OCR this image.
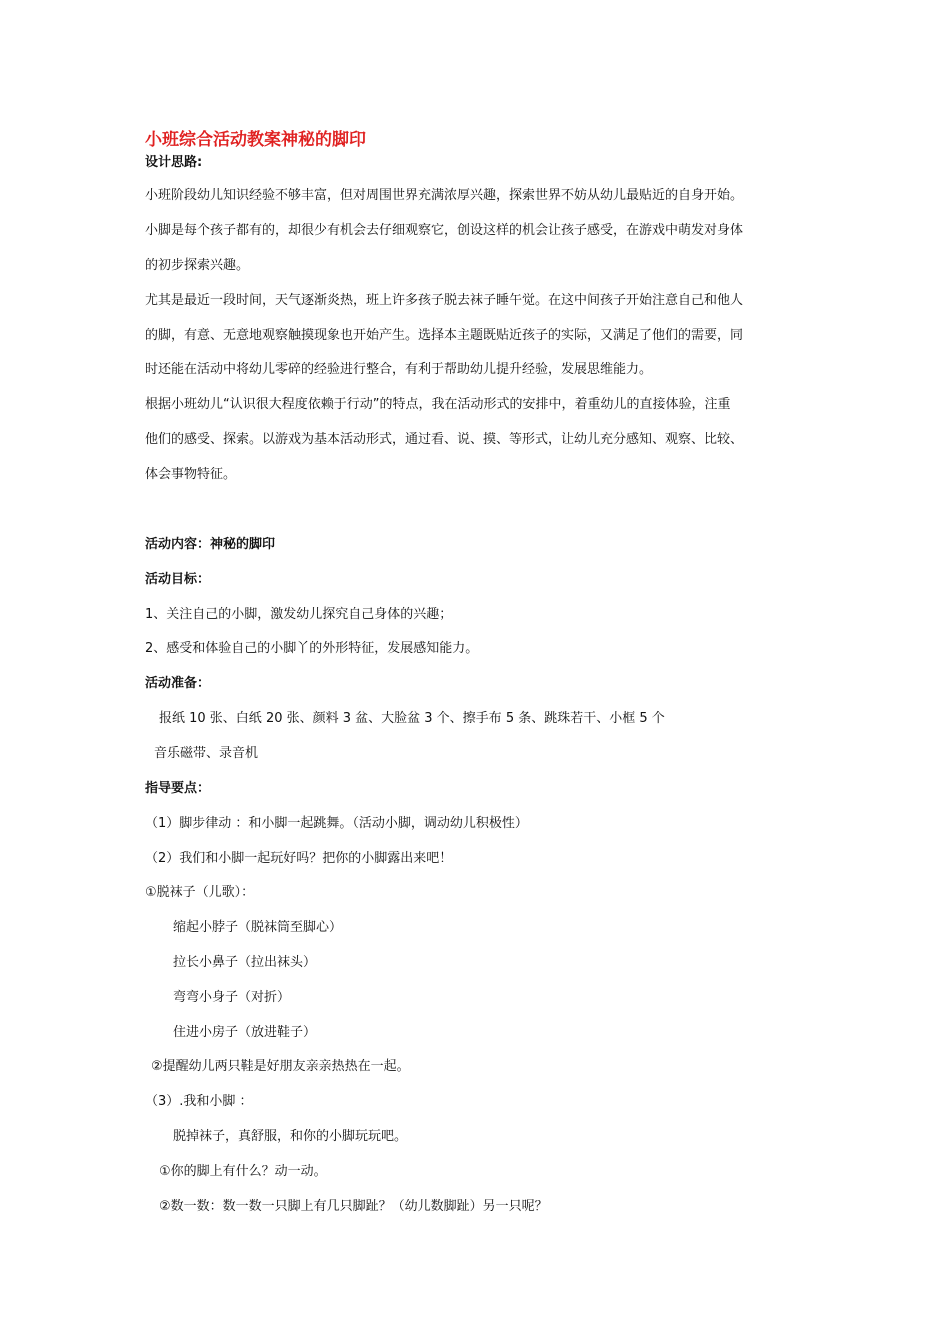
小班综合活动教案神秘的脚印
设计思路:
小班阶段幼儿知识经验不够丰富，但对周围世界充满浓厚兴趣，探索世界不妨从幼儿最贴近的自身开始。
小脚是每个孩子都有的，却很少有机会去仔细观察它，创设这样的机会让孩子感受，在游戏中萌发对身体
的初步探索兴趣。
尤其是最近一段时间，天气逐渐炎热，班上许多孩子脱去袜子睡午觉。在这中间孩子开始注意自己和他人
的脚，有意、无意地观察触摸现象也开始产生。选择本主题既贴近孩子的实际，又满足了他们的需要，同
时还能在活动中将幼儿零碎的经验进行整合，有利于帮助幼儿提升经验，发展思维能力。
根据小班幼儿“认识很大程度依赖于行动”的特点，我在活动形式的安排中，着重幼儿的直接体验，注重
他们的感受、探索。以游戏为基本活动形式，通过看、说、摸、等形式，让幼儿充分感知、观察、比较、
体会事物特征。
活动内容：神秘的脚印
活动目标：
1、关注自己的小脚，激发幼儿探究自己身体的兴趣；
2、感受和体验自己的小脚丫的外形特征，发展感知能力。
活动准备：
报纸 10 张、白纸 20 张、颜料 3 盆、大脸盆 3 个、擦手布 5 条、跳珠若干、小框 5 个
音乐磁带、录音机
指导要点：
（1）脚步律动 ：和小脚一起跳舞。（活动小脚，调动幼儿积极性）
（2）我们和小脚一起玩好吗？把你的小脚露出来吧！
①脱袜子（儿歌）：
缩起小脖子（脱袜筒至脚心）
拉长小鼻子（拉出袜头）
弯弯小身子（对折）
住进小房子（放进鞋子）
②提醒幼儿两只鞋是好朋友亲亲热热在一起。
（3）.我和小脚 ：
脱掉袜子，真舒服，和你的小脚玩玩吧。
①你的脚上有什么？动一动。
②数一数：数一数一只脚上有几只脚趾？（幼儿数脚趾）另一只呢？
